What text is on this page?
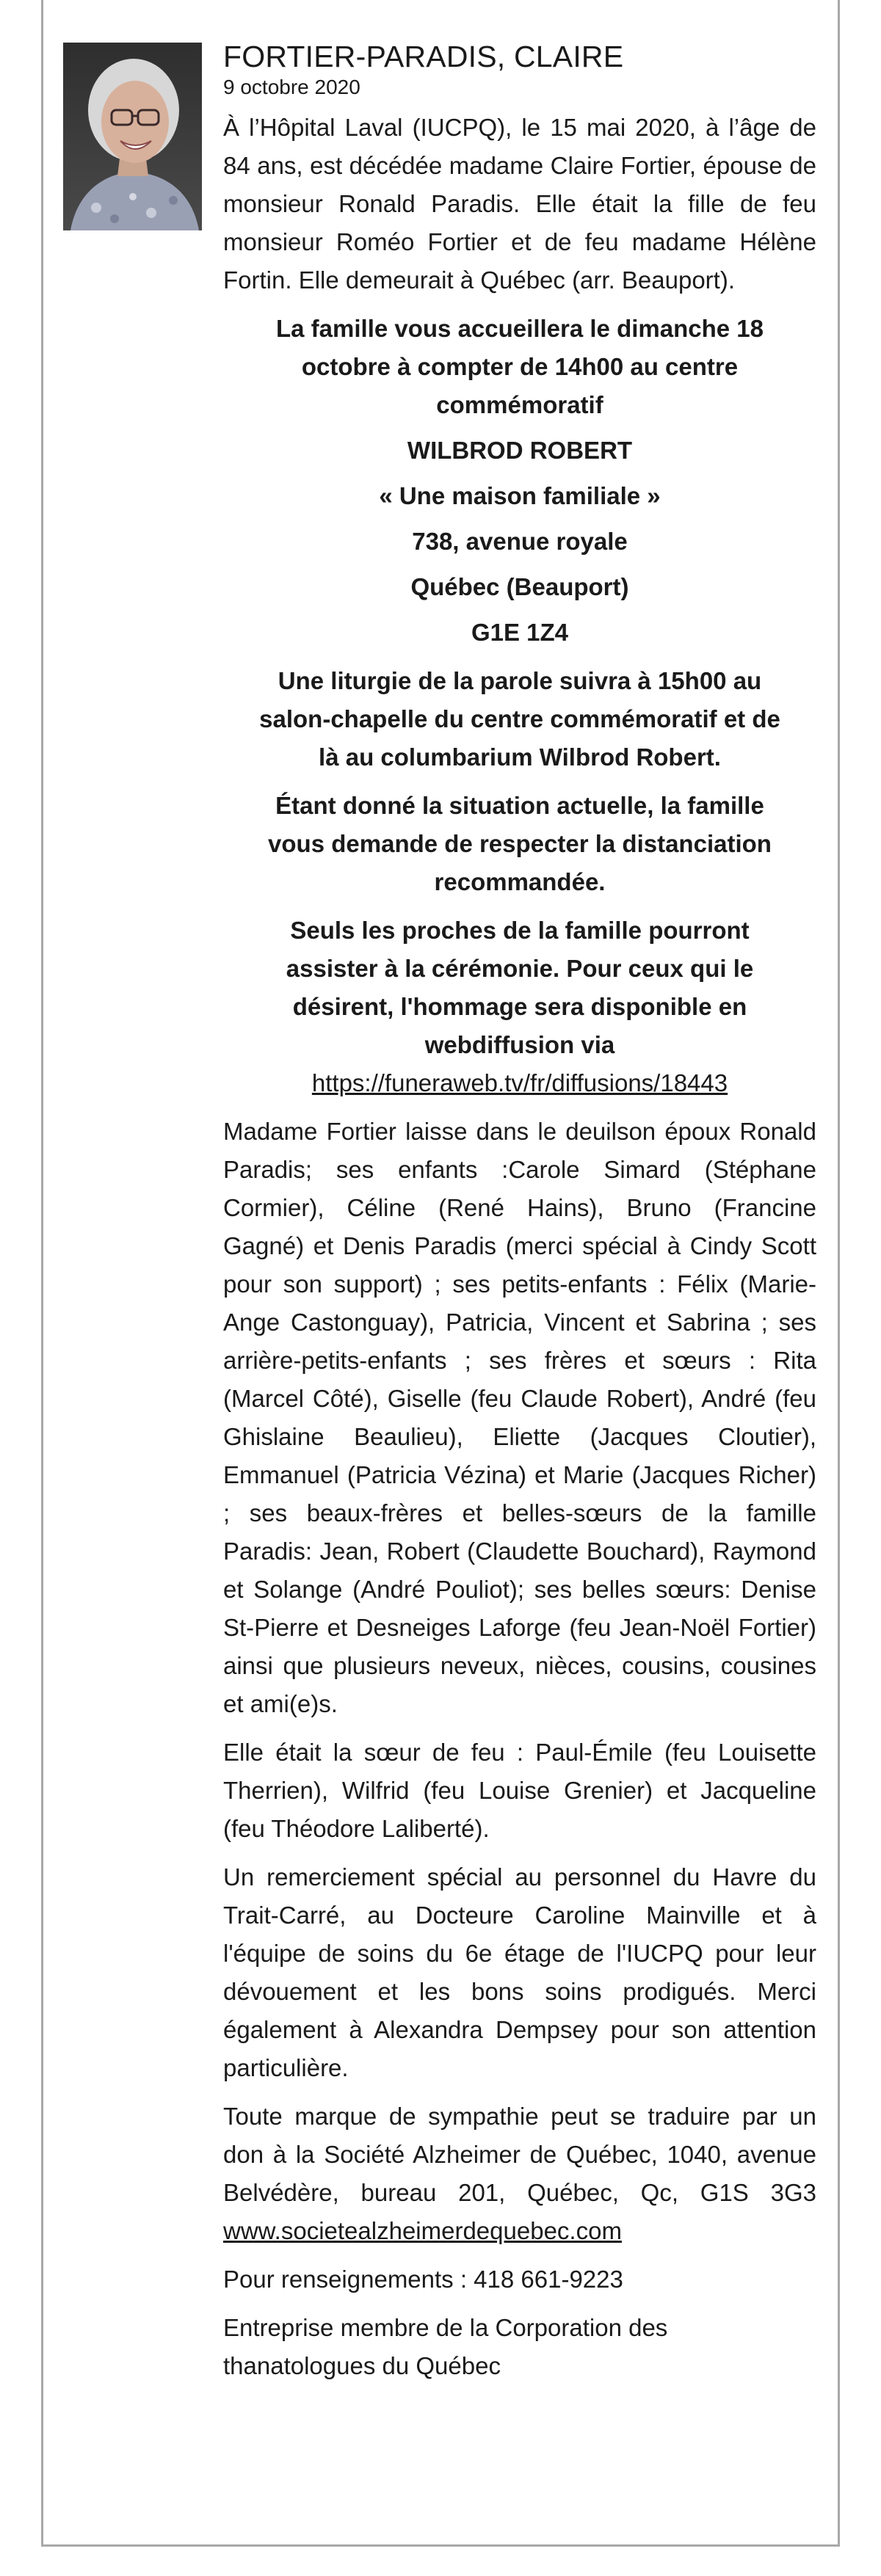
FORTIER-PARADIS, CLAIRE
9 octobre 2020

À l’Hôpital Laval (IUCPQ), le 15 mai 2020, à l’âge de 84 ans, est décédée madame Claire Fortier, épouse de monsieur Ronald Paradis. Elle était la fille de feu monsieur Roméo Fortier et de feu madame Hélène Fortin. Elle demeurait à Québec (arr. Beauport).

La famille vous accueillera le dimanche 18

octobre à compter de 14h00 au centre

commémoratif

WILBROD ROBERT

« Une maison familiale »

738, avenue royale

Québec (Beauport)

G1E 1Z4

Une liturgie de la parole suivra à 15h00 au

salon-chapelle du centre commémoratif et de

là au columbarium Wilbrod Robert.

Étant donné la situation actuelle, la famille

vous demande de respecter la distanciation

recommandée.

Seuls les proches de la famille pourront

assister à la cérémonie. Pour ceux qui le

désirent, l'hommage sera disponible en

webdiffusion via

https://funeraweb.tv/fr/diffusions/18443

Madame Fortier laisse dans le deuilson époux Ronald Paradis; ses enfants :Carole Simard (Stéphane Cormier), Céline (René Hains), Bruno (Francine Gagné) et Denis Paradis (merci spécial à Cindy Scott pour son support) ; ses petits-enfants : Félix (Marie-Ange Castonguay), Patricia, Vincent et Sabrina ; ses arrière-petits-enfants ; ses frères et sœurs : Rita (Marcel Côté), Giselle (feu Claude Robert), André (feu Ghislaine Beaulieu), Eliette (Jacques Cloutier), Emmanuel (Patricia Vézina) et Marie (Jacques Richer) ; ses beaux-frères et belles-sœurs de la famille Paradis: Jean, Robert (Claudette Bouchard), Raymond et Solange (André Pouliot); ses belles sœurs: Denise St-Pierre et Desneiges Laforge (feu Jean-Noël Fortier) ainsi que plusieurs neveux, nièces, cousins, cousines et ami(e)s.

Elle était la sœur de feu : Paul-Émile (feu Louisette Therrien), Wilfrid (feu Louise Grenier) et Jacqueline (feu Théodore Laliberté).

Un remerciement spécial au personnel du Havre du Trait-Carré, au Docteure Caroline Mainville et à l'équipe de soins du 6e étage de l'IUCPQ pour leur dévouement et les bons soins prodigués. Merci également à Alexandra Dempsey pour son attention particulière.

Toute marque de sympathie peut se traduire par un don à la Société Alzheimer de Québec, 1040, avenue Belvédère, bureau 201, Québec, Qc, G1S 3G3 www.societealzheimerdequebec.com

Pour renseignements : 418 661-9223

Entreprise membre de la Corporation des

thanatologues du Québec
